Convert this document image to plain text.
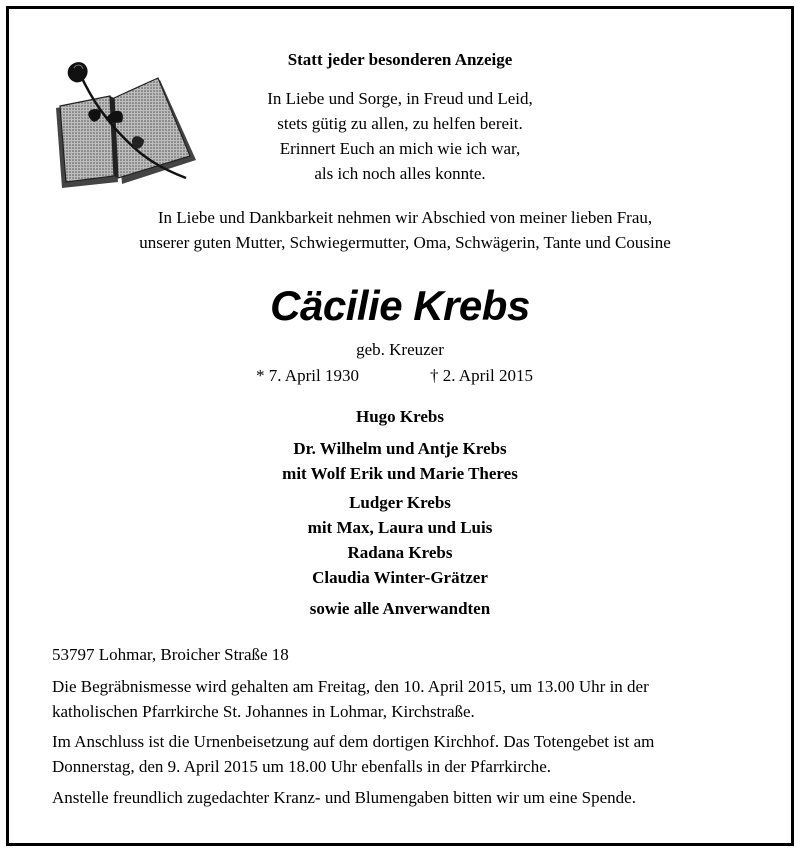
Statt jeder besonderen Anzeige
In Liebe und Sorge, in Freud und Leid,
stets gütig zu allen, zu helfen bereit.
Erinnert Euch an mich wie ich war,
als ich noch alles konnte.
In Liebe und Dankbarkeit nehmen wir Abschied von meiner lieben Frau,
unserer guten Mutter, Schwiegermutter, Oma, Schwägerin, Tante und Cousine
Cäcilie Krebs
geb. Kreuzer
* 7. April 1930	† 2. April 2015
Hugo Krebs
Dr. Wilhelm und Antje Krebs
mit Wolf Erik und Marie Theres
Ludger Krebs
mit Max, Laura und Luis
Radana Krebs
Claudia Winter-Grätzer
sowie alle Anverwandten
53797 Lohmar, Broicher Straße 18
Die Begräbnismesse wird gehalten am Freitag, den 10. April 2015, um 13.00 Uhr in der
katholischen Pfarrkirche St. Johannes in Lohmar, Kirchstraße.
Im Anschluss ist die Urnenbeisetzung auf dem dortigen Kirchhof. Das Totengebet ist am
Donnerstag, den 9. April 2015 um 18.00 Uhr ebenfalls in der Pfarrkirche.
Anstelle freundlich zugedachter Kranz- und Blumengaben bitten wir um eine Spende.
